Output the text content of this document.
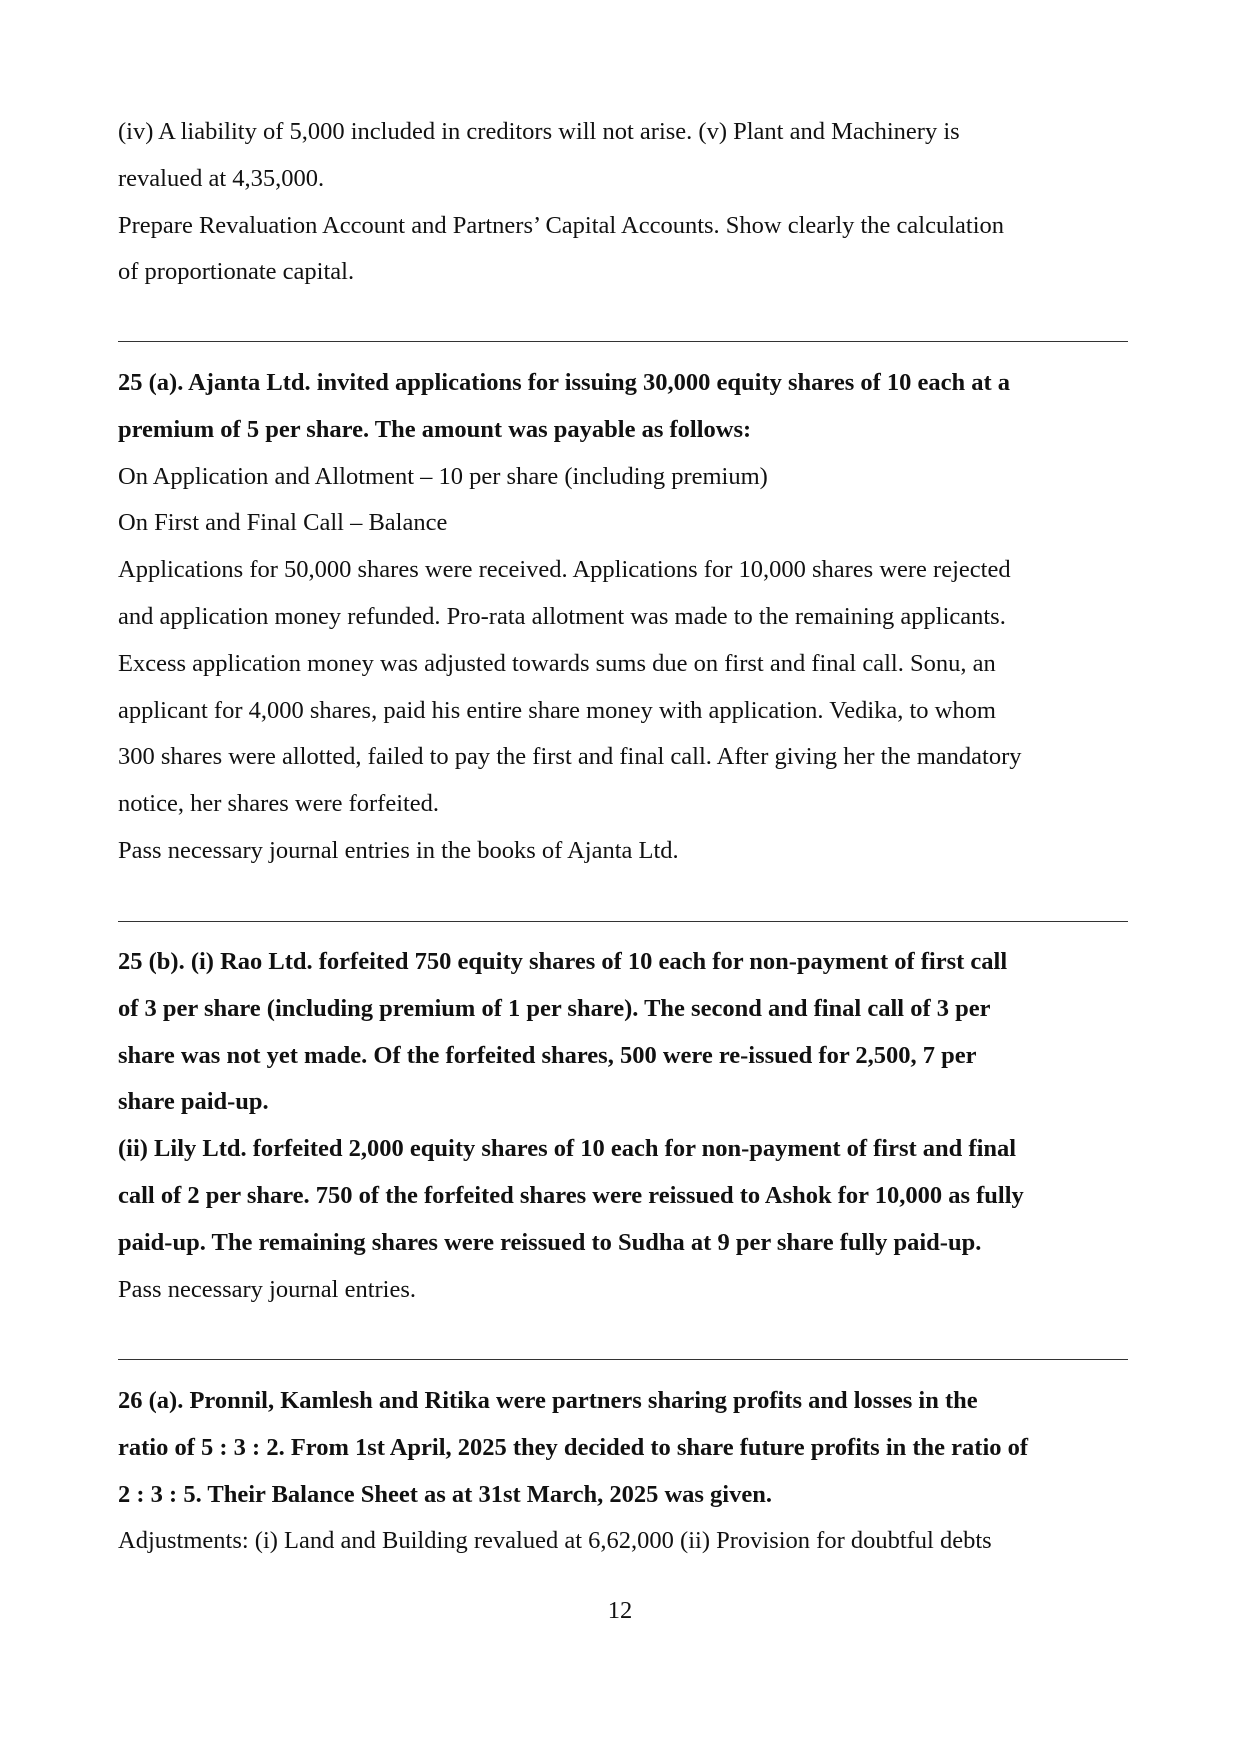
(iv) A liability of 5,000 included in creditors will not arise. (v) Plant and Machinery is
revalued at 4,35,000.
Prepare Revaluation Account and Partners’ Capital Accounts. Show clearly the calculation
of proportionate capital.
25 (a). Ajanta Ltd. invited applications for issuing 30,000 equity shares of 10 each at a
premium of 5 per share. The amount was payable as follows:
On Application and Allotment – 10 per share (including premium)
On First and Final Call – Balance
Applications for 50,000 shares were received. Applications for 10,000 shares were rejected
and application money refunded. Pro-rata allotment was made to the remaining applicants.
Excess application money was adjusted towards sums due on first and final call. Sonu, an
applicant for 4,000 shares, paid his entire share money with application. Vedika, to whom
300 shares were allotted, failed to pay the first and final call. After giving her the mandatory
notice, her shares were forfeited.
Pass necessary journal entries in the books of Ajanta Ltd.
25 (b). (i) Rao Ltd. forfeited 750 equity shares of 10 each for non-payment of first call
of 3 per share (including premium of 1 per share). The second and final call of 3 per
share was not yet made. Of the forfeited shares, 500 were re-issued for 2,500, 7 per
share paid-up.
(ii) Lily Ltd. forfeited 2,000 equity shares of 10 each for non-payment of first and final
call of 2 per share. 750 of the forfeited shares were reissued to Ashok for 10,000 as fully
paid-up. The remaining shares were reissued to Sudha at 9 per share fully paid-up.
Pass necessary journal entries.
26 (a). Pronnil, Kamlesh and Ritika were partners sharing profits and losses in the
ratio of 5 : 3 : 2. From 1st April, 2025 they decided to share future profits in the ratio of
2 : 3 : 5. Their Balance Sheet as at 31st March, 2025 was given.
Adjustments: (i) Land and Building revalued at 6,62,000 (ii) Provision for doubtful debts
12
